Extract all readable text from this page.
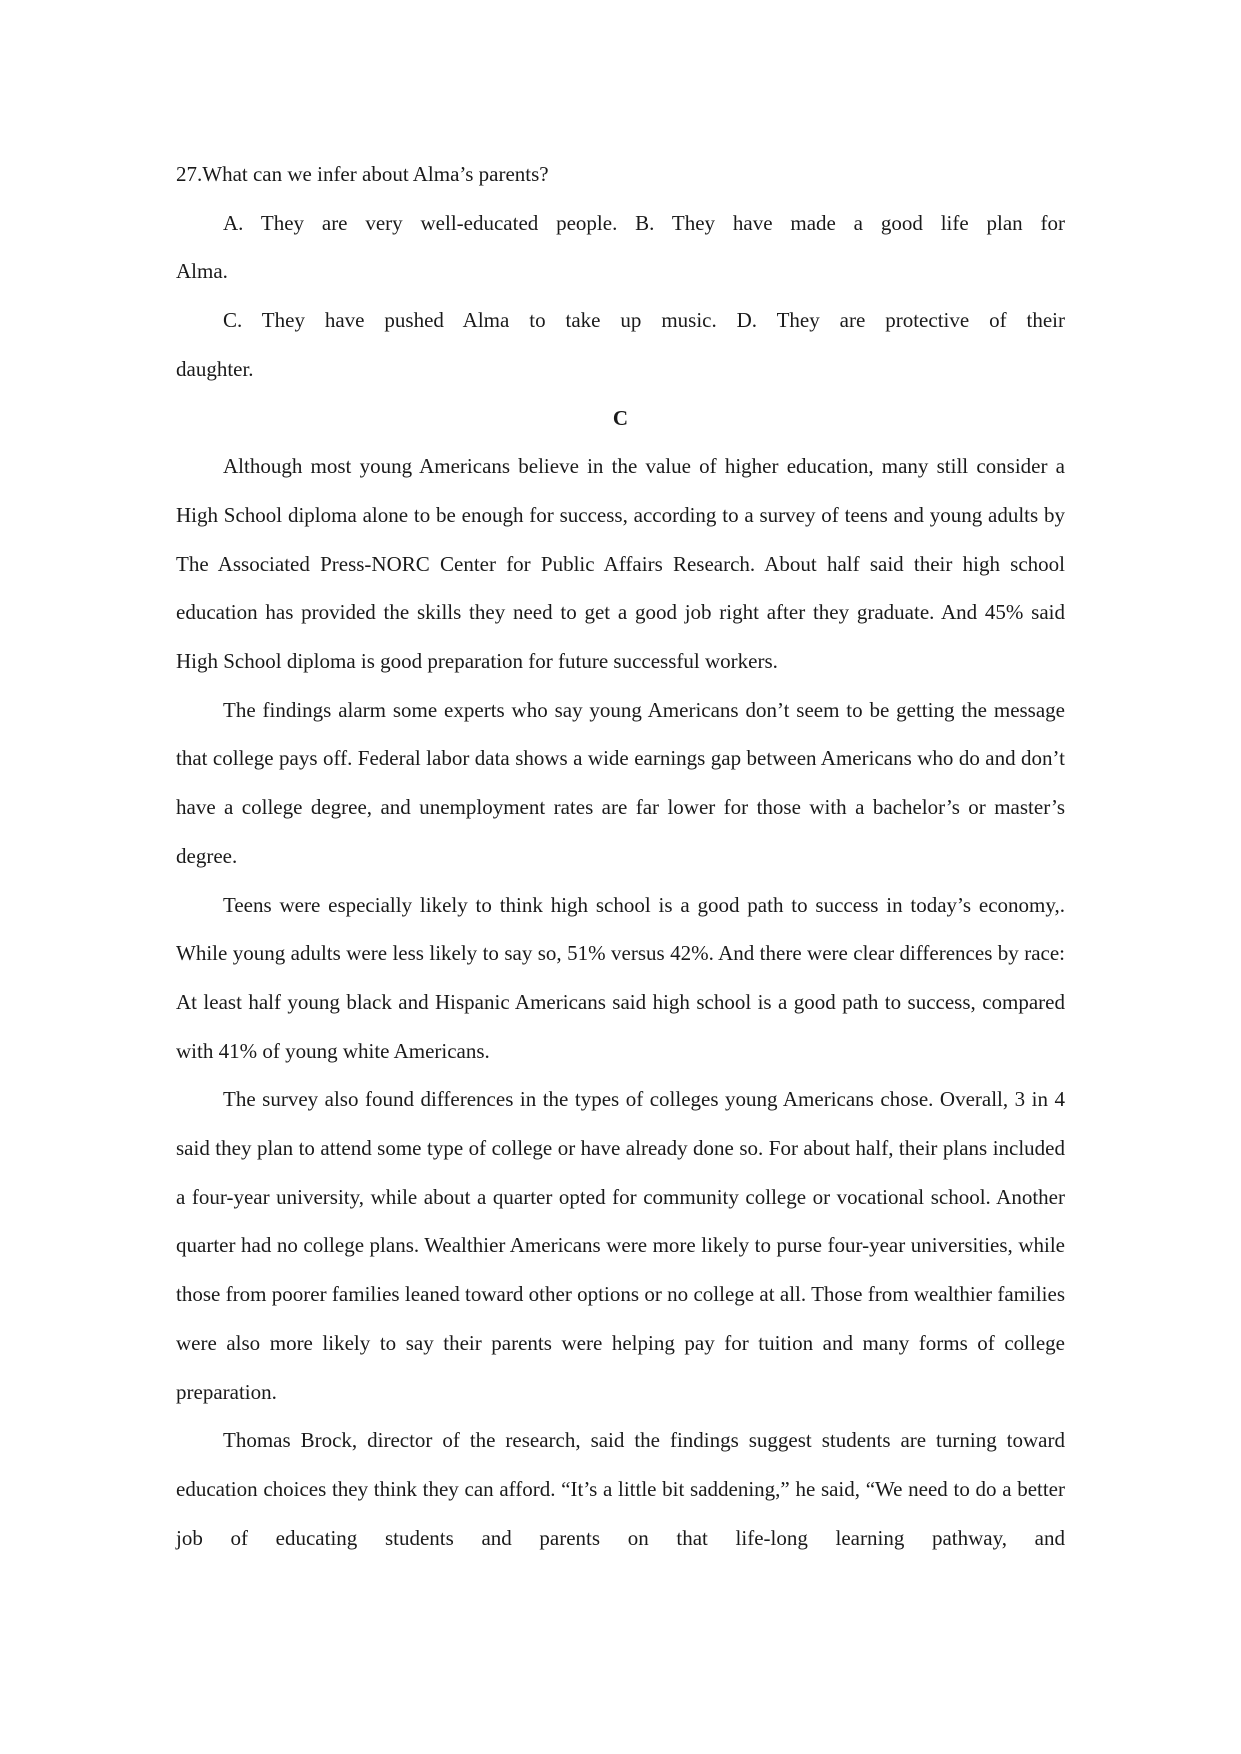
27.What can we infer about Alma’s parents?

A. They are very well-educated people. B. They have made a good life plan for

Alma.

C. They have pushed Alma to take up music. D. They are protective of their

daughter.

C

Although most young Americans believe in the value of higher education, many still consider a High School diploma alone to be enough for success, according to a survey of teens and young adults by The Associated Press-NORC Center for Public Affairs Research. About half said their high school education has provided the skills they need to get a good job right after they graduate. And 45% said High School diploma is good preparation for future successful workers.

The findings alarm some experts who say young Americans don’t seem to be getting the message that college pays off. Federal labor data shows a wide earnings gap between Americans who do and don’t have a college degree, and unemployment rates are far lower for those with a bachelor’s or master’s degree.

Teens were especially likely to think high school is a good path to success in today’s economy,. While young adults were less likely to say so, 51% versus 42%. And there were clear differences by race: At least half young black and Hispanic Americans said high school is a good path to success, compared with 41% of young white Americans.

The survey also found differences in the types of colleges young Americans chose. Overall, 3 in 4 said they plan to attend some type of college or have already done so. For about half, their plans included a four-year university, while about a quarter opted for community college or vocational school. Another quarter had no college plans. Wealthier Americans were more likely to purse four-year universities, while those from poorer families leaned toward other options or no college at all. Those from wealthier families were also more likely to say their parents were helping pay for tuition and many forms of college preparation.

Thomas Brock, director of the research, said the findings suggest students are turning toward education choices they think they can afford. “It’s a little bit saddening,” he said, “We need to do a better job of educating students and parents on that life-long learning pathway, and
